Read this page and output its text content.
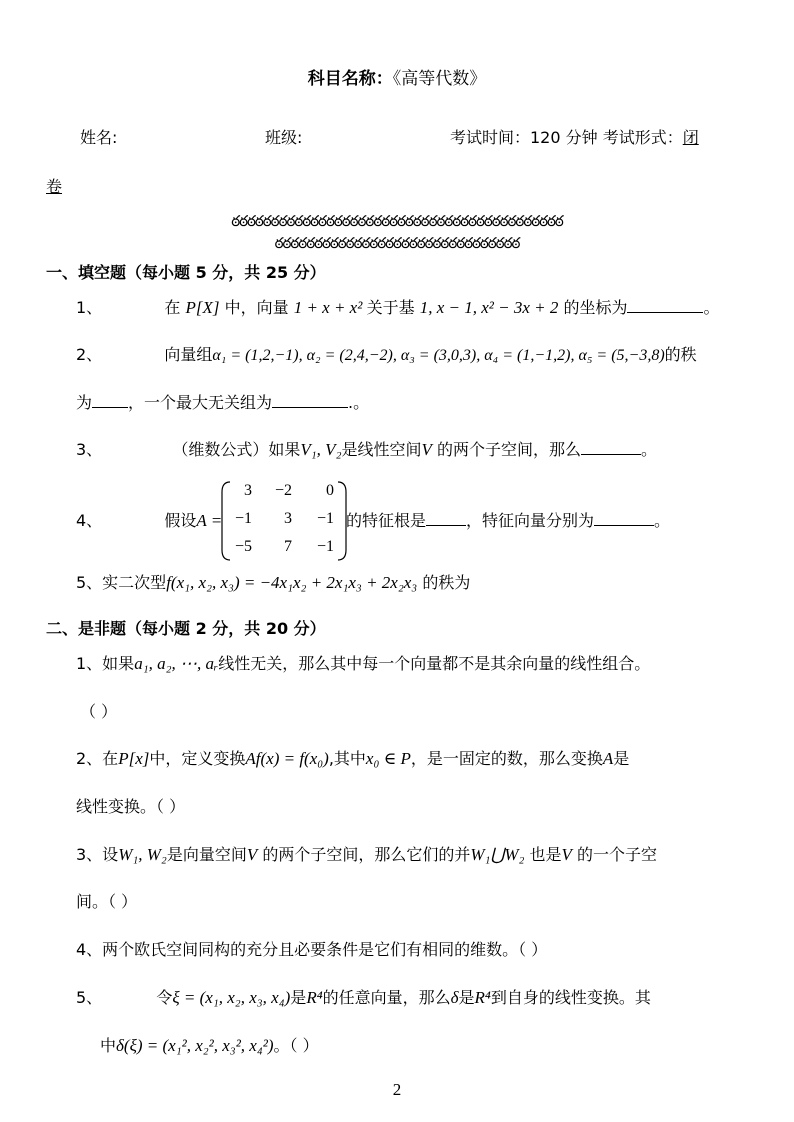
科目名称：《高等代数》
姓名:	班级:	考试时间：120 分钟 考试形式：闭
卷
ఠఠఠఠఠఠఠఠఠఠఠఠఠఠఠఠఠఠఠఠఠఠఠఠఠఠఠఠఠఠఠఠఠఠఠఠఠఠఠఠఠఠ
ఠఠఠఠఠఠఠఠఠఠఠఠఠఠఠఠఠఠఠఠఠఠఠఠఠఠఠఠఠఠఠ
一、填空题（每小题 5 分，共 25 分）
1、	在 P[X] 中，向量 1 + x + x² 关于基 1, x − 1, x² − 3x + 2 的坐标为	。
2、	向量组α₁ = (1,2,−1), α₂ = (2,4,−2), α₃ = (3,0,3), α₄ = (1,−1,2), α₅ = (5,−3,8)的秩
为 ，一个最大无关组为	.。
3、	（维数公式）如果V₁, V₂是线性空间V 的两个子空间，那么	。
4、	假设A =
3	−2	0
−1	3	−1
−5	7	−1
的特征根是	，特征向量分别为	。
5、实二次型f(x₁, x₂, x₃) = −4x₁x₂ + 2x₁x₃ + 2x₂x₃ 的秩为
二、是非题（每小题 2 分，共 20 分）
1、如果a₁, a₂, ⋯, aᵣ线性无关，那么其中每一个向量都不是其余向量的线性组合。
（ ）
2、在P[x]中，定义变换Af(x) = f(x₀),其中x₀ ∈ P，是一固定的数，那么变换A是
线性变换。（ ）
3、设W₁, W₂是向量空间V 的两个子空间，那么它们的并W₁⋃W₂ 也是V 的一个子空
间。（ ）
4、两个欧氏空间同构的充分且必要条件是它们有相同的维数。（ ）
5、	令ξ = (x₁, x₂, x₃, x₄)是R⁴的任意向量，那么δ是R⁴到自身的线性变换。其
中δ(ξ) = (x₁², x₂², x₃², x₄²)。（ ）
2
